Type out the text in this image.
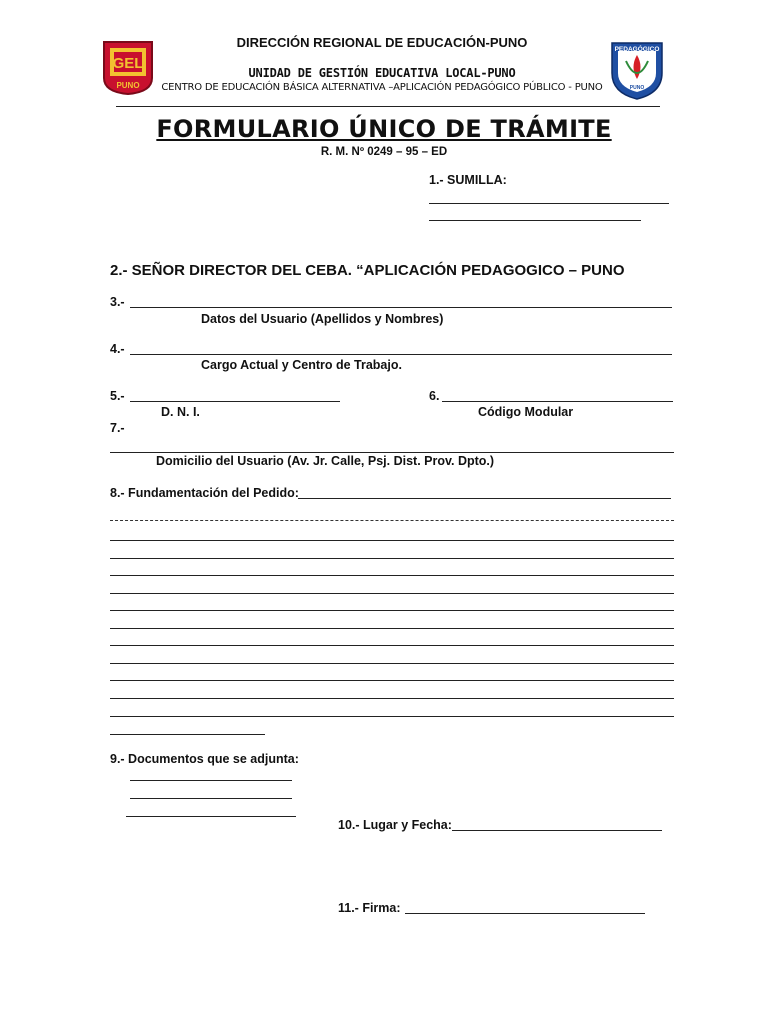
GEL
PUNO
PEDAGÓGICO
PUNO
DIRECCIÓN REGIONAL DE EDUCACIÓN-PUNO
UNIDAD DE GESTIÓN EDUCATIVA LOCAL-PUNO
CENTRO DE EDUCACIÓN BÁSICA ALTERNATIVA –APLICACIÓN PEDAGÓGICO PÚBLICO - PUNO
FORMULARIO ÚNICO DE TRÁMITE
R. M. Nº 0249 – 95 – ED
1.- SUMILLA:
2.- SEÑOR DIRECTOR DEL CEBA. “APLICACIÓN PEDAGOGICO – PUNO
3.-
Datos del Usuario (Apellidos y Nombres)
4.-
Cargo Actual y Centro de Trabajo.
5.-
D. N. I.
6.
Código Modular
7.-
Domicilio del Usuario (Av. Jr. Calle, Psj. Dist. Prov. Dpto.)
8.- Fundamentación del Pedido:
9.- Documentos que se adjunta:
10.- Lugar y Fecha:
11.- Firma:
